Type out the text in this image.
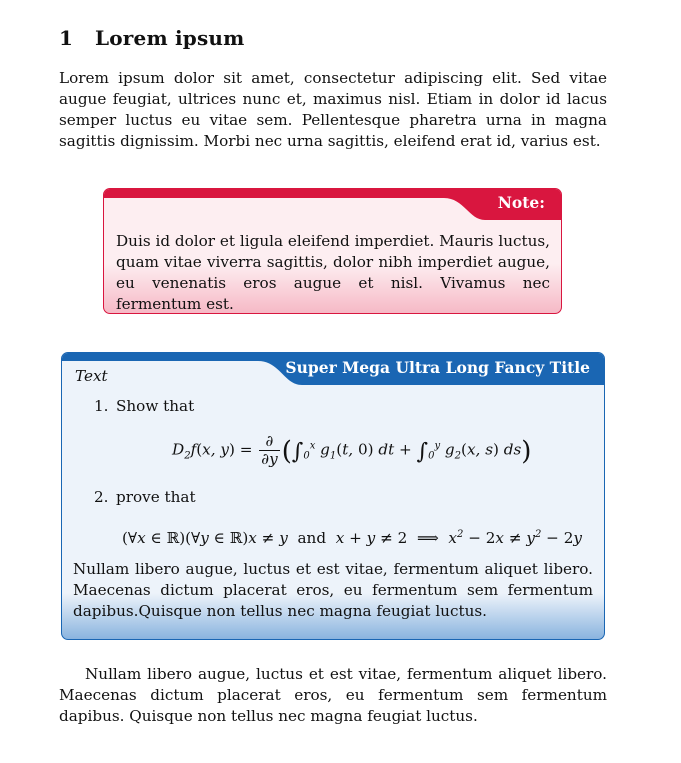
1 Lorem ipsum

Lorem ipsum dolor sit amet, consectetur adipiscing elit. Sed vitae augue feugiat, ultrices nunc et, maximus nisl. Etiam in dolor id lacus semper luctus eu vitae sem. Pellentesque pharetra urna in magna sagittis dignissim. Morbi nec urna sagittis, eleifend erat id, varius est.

Note:

Duis id dolor et ligula eleifend imperdiet. Mauris luctus, quam vitae viverra sagittis, dolor nibh imperdiet augue, eu venenatis eros augue et nisl. Vivamus nec fermentum est.

Super Mega Ultra Long Fancy Title
Text

1. Show that

$D_2f(x$, $y) = \frac{\partial}{\partial y} (\int_0^x$ $g_1(t$, 0) dt + $\int_0^y$ $g_2(x$, s) ds)

2. prove that

(∀x ∈ ℝ)(∀y ∈ ℝ)x ≠ y  and  x + y ≠ 2  ⟹  $x^2 - 2x \ne y^2 - 2y$

Nullam libero augue, luctus et est vitae, fermentum aliquet libero. Maecenas dictum placerat eros, eu fermentum sem fermentum dapibus.Quisque non tellus nec magna feugiat luctus.

Nullam libero augue, luctus et est vitae, fermentum aliquet libero. Maecenas dictum placerat eros, eu fermentum sem fermentum dapibus. Quisque non tellus nec magna feugiat luctus.
